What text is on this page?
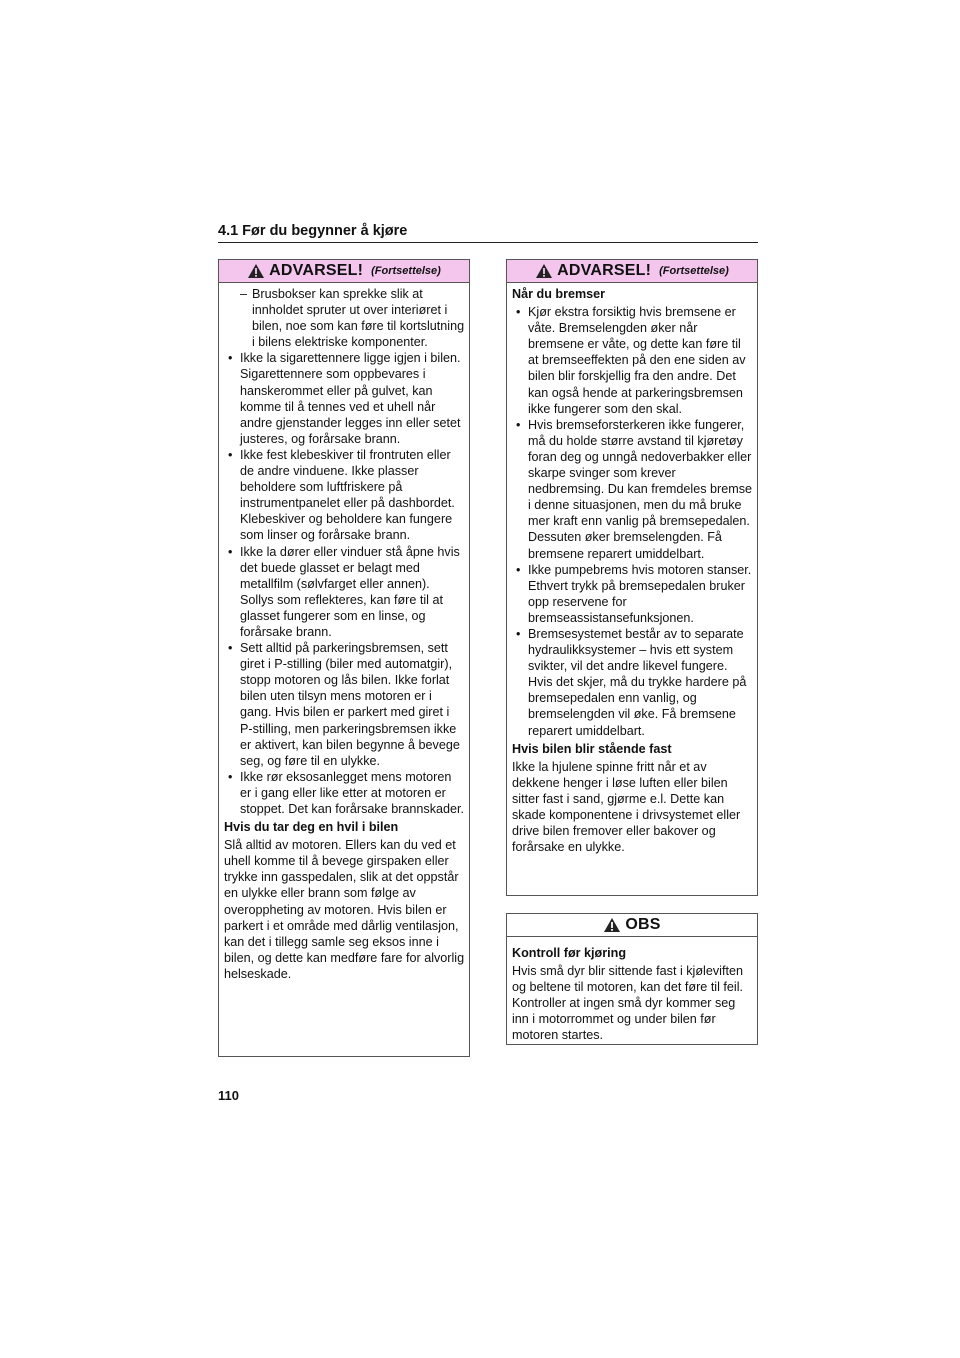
4.1 Før du begynner å kjøre
ADVARSEL! (Fortsettelse)

– Brusbokser kan sprekke slik at innholdet spruter ut over interiøret i bilen, noe som kan føre til kortslutning i bilens elektriske komponenter.

• Ikke la sigarettennere ligge igjen i bilen. Sigarettennere som oppbevares i hanskerommet eller på gulvet, kan komme til å tennes ved et uhell når andre gjenstander legges inn eller setet justeres, og forårsake brann.

• Ikke fest klebeskiver til frontruten eller de andre vinduene. Ikke plasser beholdere som luftfriskere på instrumentpanelet eller på dashbordet. Klebeskiver og beholdere kan fungere som linser og forårsake brann.

• Ikke la dører eller vinduer stå åpne hvis det buede glasset er belagt med metallfilm (sølvfarget eller annen). Sollys som reflekteres, kan føre til at glasset fungerer som en linse, og forårsake brann.

• Sett alltid på parkeringsbremsen, sett giret i P-stilling (biler med automatgir), stopp motoren og lås bilen. Ikke forlat bilen uten tilsyn mens motoren er i gang. Hvis bilen er parkert med giret i P-stilling, men parkeringsbremsen ikke er aktivert, kan bilen begynne å bevege seg, og føre til en ulykke.

• Ikke rør eksosanlegget mens motoren er i gang eller like etter at motoren er stoppet. Det kan forårsake brannskader.

Hvis du tar deg en hvil i bilen

Slå alltid av motoren. Ellers kan du ved et uhell komme til å bevege girspaken eller trykke inn gasspedalen, slik at det oppstår en ulykke eller brann som følge av overoppheting av motoren. Hvis bilen er parkert i et område med dårlig ventilasjon, kan det i tillegg samle seg eksos inne i bilen, og dette kan medføre fare for alvorlig helseskade.

ADVARSEL! (Fortsettelse)

Når du bremser

• Kjør ekstra forsiktig hvis bremsene er våte. Bremselengden øker når bremsene er våte, og dette kan føre til at bremseeffekten på den ene siden av bilen blir forskjellig fra den andre. Det kan også hende at parkeringsbremsen ikke fungerer som den skal.

• Hvis bremseforsterkeren ikke fungerer, må du holde større avstand til kjøretøy foran deg og unngå nedoverbakker eller skarpe svinger som krever nedbremsing. Du kan fremdeles bremse i denne situasjonen, men du må bruke mer kraft enn vanlig på bremsepedalen. Dessuten øker bremselengden. Få bremsene reparert umiddelbart.

• Ikke pumpebrems hvis motoren stanser. Ethvert trykk på bremsepedalen bruker opp reservene for bremseassistansefunksjonen.

• Bremsesystemet består av to separate hydraulikksystemer – hvis ett system svikter, vil det andre likevel fungere. Hvis det skjer, må du trykke hardere på bremsepedalen enn vanlig, og bremselengden vil øke. Få bremsene reparert umiddelbart.

Hvis bilen blir stående fast

Ikke la hjulene spinne fritt når et av dekkene henger i løse luften eller bilen sitter fast i sand, gjørme e.l. Dette kan skade komponentene i drivsystemet eller drive bilen fremover eller bakover og forårsake en ulykke.

OBS

Kontroll før kjøring

Hvis små dyr blir sittende fast i kjøleviften og beltene til motoren, kan det føre til feil. Kontroller at ingen små dyr kommer seg inn i motorrommet og under bilen før motoren startes.

110
